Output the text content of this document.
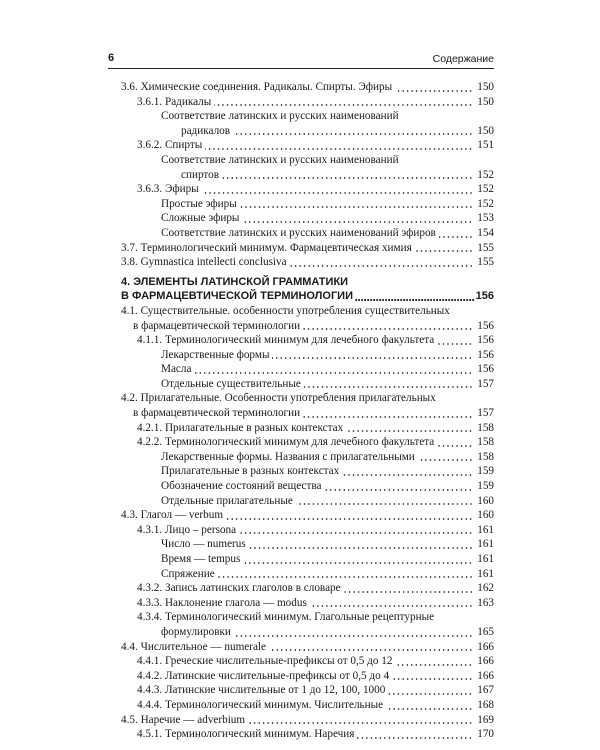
6	Содержание
3.6. Химические соединения. Радикалы. Спирты. Эфиры	150
3.6.1. Радикалы	150
Соответствие латинских и русских наименований
радикалов	150
3.6.2. Спирты	151
Соответствие латинских и русских наименований
спиртов	152
3.6.3. Эфиры	152
Простые эфиры	152
Сложные эфиры	153
Соответствие латинских и русских наименований эфиров	154
3.7. Терминологический минимум. Фармацевтическая химия	155
3.8. Gymnastica intellecti conclusiva	155
4. ЭЛЕМЕНТЫ ЛАТИНСКОЙ ГРАММАТИКИ
В ФАРМАЦЕВТИЧЕСКОЙ ТЕРМИНОЛОГИИ	156
4.1. Существительные. особенности употребления существительных
в фармацевтической терминологии	156
4.1.1. Терминологический минимум для лечебного факультета	156
Лекарственные формы	156
Масла	156
Отдельные существительные	157
4.2. Прилагательные. Особенности употребления прилагательных
в фармацевтической терминологии	157
4.2.1. Прилагательные в разных контекстах	158
4.2.2. Терминологический минимум для лечебного факультета	158
Лекарственные формы. Названия с прилагательными	158
Прилагательные в разных контекстах	159
Обозначение состояний вещества	159
Отдельные прилагательные	160
4.3. Глагол — verbum	160
4.3.1. Лицо – persona	161
Число — numerus	161
Время — tempus	161
Спряжение	161
4.3.2. Запись латинских глаголов в словаре	162
4.3.3. Наклонение глагола — modus	163
4.3.4. Терминологический минимум. Глагольные рецептурные
формулировки	165
4.4. Числительное — numerale	166
4.4.1. Греческие числительные-префиксы от 0,5 до 12	166
4.4.2. Латинские числительные-префиксы от 0,5 до 4	166
4.4.3. Латинские числительные от 1 до 12, 100, 1000	167
4.4.4. Терминологический минимум. Числительные	168
4.5. Наречие — adverbium	169
4.5.1. Терминологический минимум. Наречия	170
